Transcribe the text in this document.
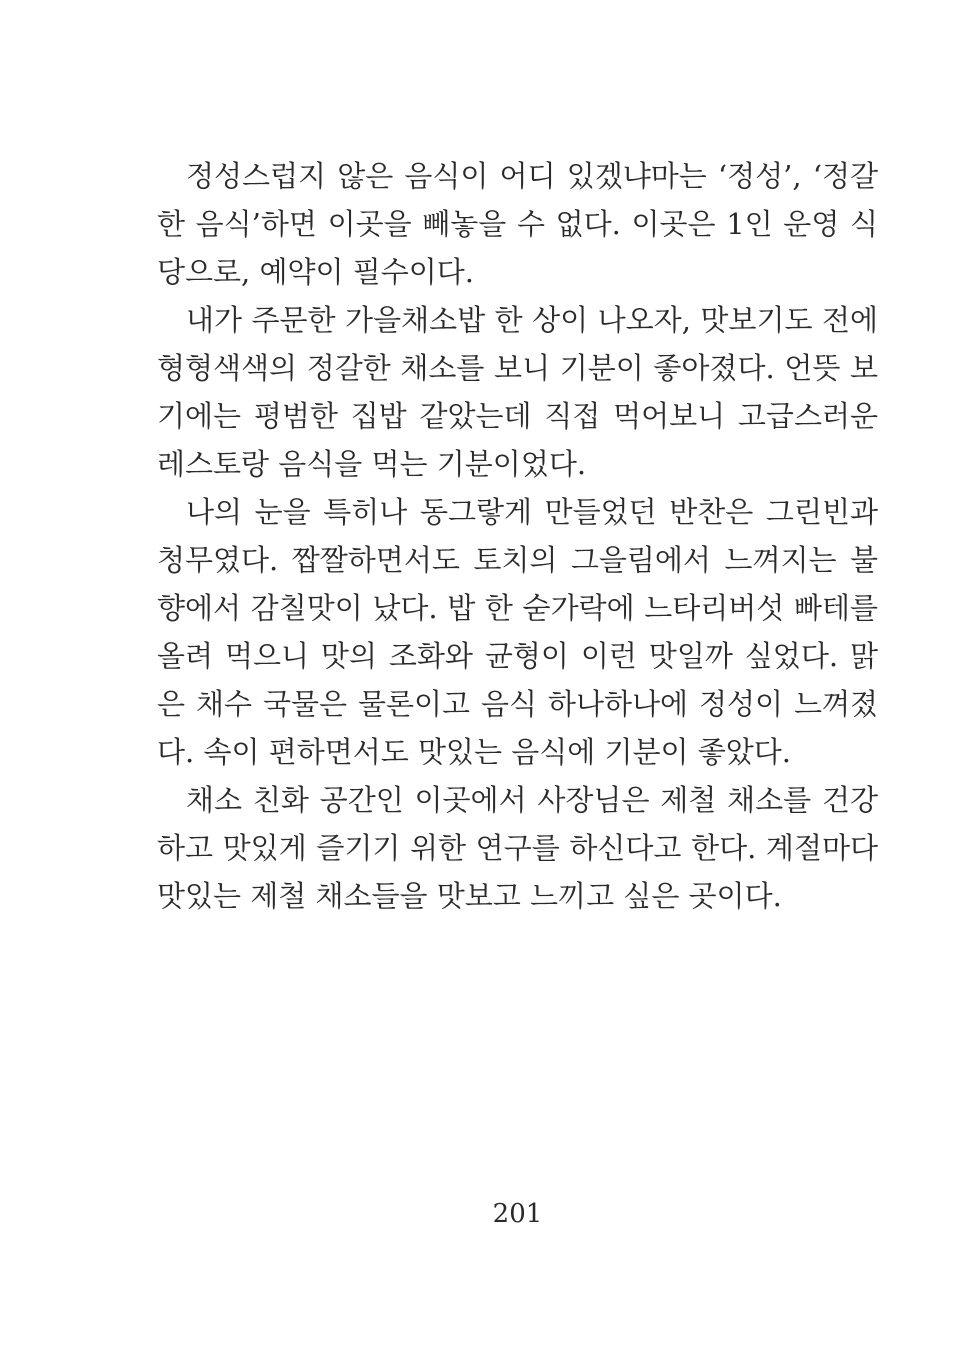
정성스럽지 않은 음식이 어디 있겠냐마는 ‘정성’, ‘정갈한 음식’하면 이곳을 빼놓을 수 없다. 이곳은 1인 운영 식당으로, 예약이 필수이다.

내가 주문한 가을채소밥 한 상이 나오자, 맛보기도 전에 형형색색의 정갈한 채소를 보니 기분이 좋아졌다. 언뜻 보기에는 평범한 집밥 같았는데 직접 먹어보니 고급스러운 레스토랑 음식을 먹는 기분이었다.

나의 눈을 특히나 동그랗게 만들었던 반찬은 그린빈과 청무였다. 짭짤하면서도 토치의 그을림에서 느껴지는 불향에서 감칠맛이 났다. 밥 한 숟가락에 느타리버섯 빠테를 올려 먹으니 맛의 조화와 균형이 이런 맛일까 싶었다. 맑은 채수 국물은 물론이고 음식 하나하나에 정성이 느껴졌다. 속이 편하면서도 맛있는 음식에 기분이 좋았다.

채소 친화 공간인 이곳에서 사장님은 제철 채소를 건강하고 맛있게 즐기기 위한 연구를 하신다고 한다. 계절마다 맛있는 제철 채소들을 맛보고 느끼고 싶은 곳이다.

201
